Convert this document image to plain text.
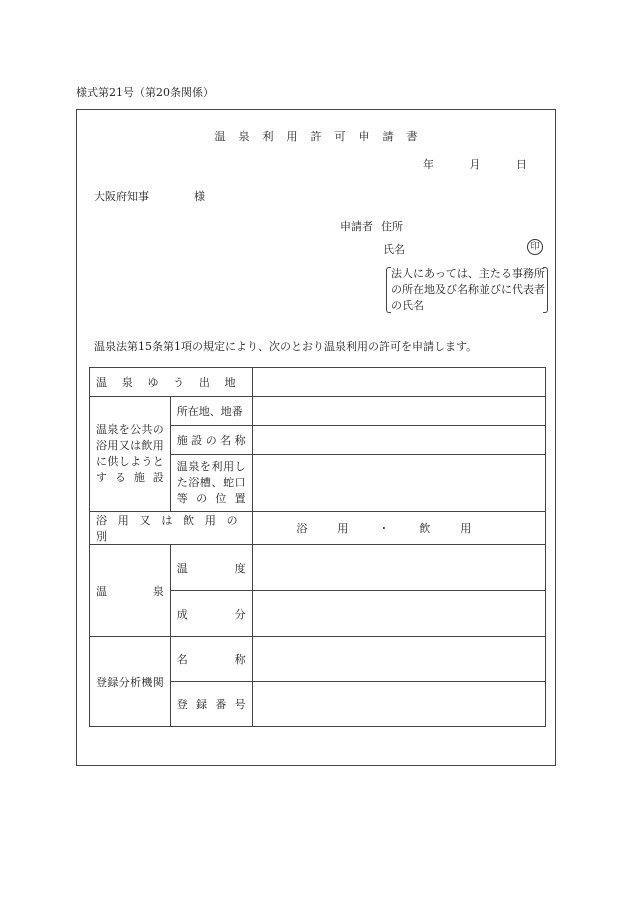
様式第21号（第20条関係）
温泉利用許可申請書
年	月	日
大阪府知事	様
申請者 住所
氏名	印
法人にあっては、主たる事務所の所在地及び名称並びに代表者の氏名
温泉法第15条第1項の規定により、次のとおり温泉利用の許可を申請します。
温泉ゆう出地		
温泉を公共の浴用又は飲用に供しようとする施設	所在地、地番	
	施設の名称	
	温泉を利用した浴槽、蛇口等の位置	
浴用又は飲用の別		浴用・ 飲用
温泉	温度	
	成分	
登録分析機関	名称	
	登録番号	
